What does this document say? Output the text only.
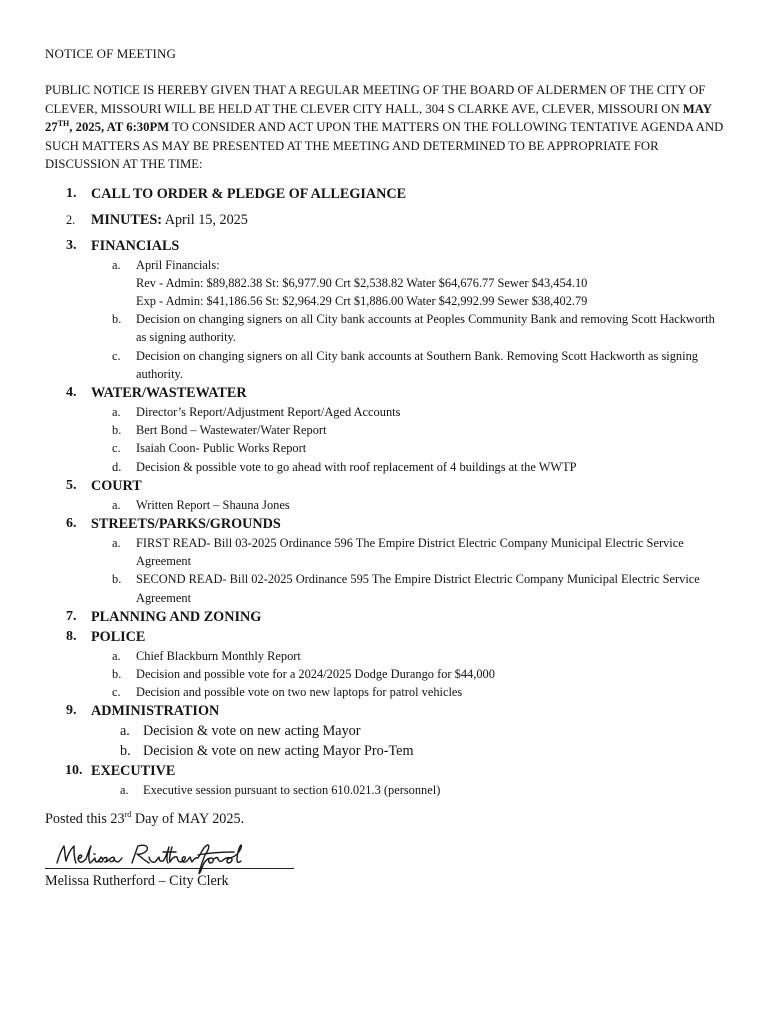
NOTICE OF MEETING

PUBLIC NOTICE IS HEREBY GIVEN THAT A REGULAR MEETING OF THE BOARD OF ALDERMEN OF THE CITY OF CLEVER, MISSOURI WILL BE HELD AT THE CLEVER CITY HALL, 304 S CLARKE AVE, CLEVER, MISSOURI ON MAY 27TH, 2025, AT 6:30PM TO CONSIDER AND ACT UPON THE MATTERS ON THE FOLLOWING TENTATIVE AGENDA AND SUCH MATTERS AS MAY BE PRESENTED AT THE MEETING AND DETERMINED TO BE APPROPRIATE FOR DISCUSSION AT THE TIME:

1. CALL TO ORDER & PLEDGE OF ALLEGIANCE
2. MINUTES: April 15, 2025
3. FINANCIALS
a. April Financials:
Rev - Admin: $89,882.38 St: $6,977.90 Crt $2,538.82 Water $64,676.77 Sewer $43,454.10
Exp - Admin: $41,186.56 St: $2,964.29 Crt $1,886.00 Water $42,992.99 Sewer $38,402.79
b. Decision on changing signers on all City bank accounts at Peoples Community Bank and removing Scott Hackworth as signing authority.
c. Decision on changing signers on all City bank accounts at Southern Bank. Removing Scott Hackworth as signing authority.
4. WATER/WASTEWATER
a. Director’s Report/Adjustment Report/Aged Accounts
b. Bert Bond – Wastewater/Water Report
c. Isaiah Coon- Public Works Report
d. Decision & possible vote to go ahead with roof replacement of 4 buildings at the WWTP
5. COURT
a. Written Report – Shauna Jones
6. STREETS/PARKS/GROUNDS
a. FIRST READ- Bill 03-2025 Ordinance 596 The Empire District Electric Company Municipal Electric Service Agreement
b. SECOND READ- Bill 02-2025 Ordinance 595 The Empire District Electric Company Municipal Electric Service Agreement
7. PLANNING AND ZONING
8. POLICE
a. Chief Blackburn Monthly Report
b. Decision and possible vote for a 2024/2025 Dodge Durango for $44,000
c. Decision and possible vote on two new laptops for patrol vehicles
9. ADMINISTRATION
a. Decision & vote on new acting Mayor
b. Decision & vote on new acting Mayor Pro-Tem
10. EXECUTIVE
a. Executive session pursuant to section 610.021.3 (personnel)
Posted this 23rd Day of MAY 2025.
Melissa Rutherford – City Clerk
